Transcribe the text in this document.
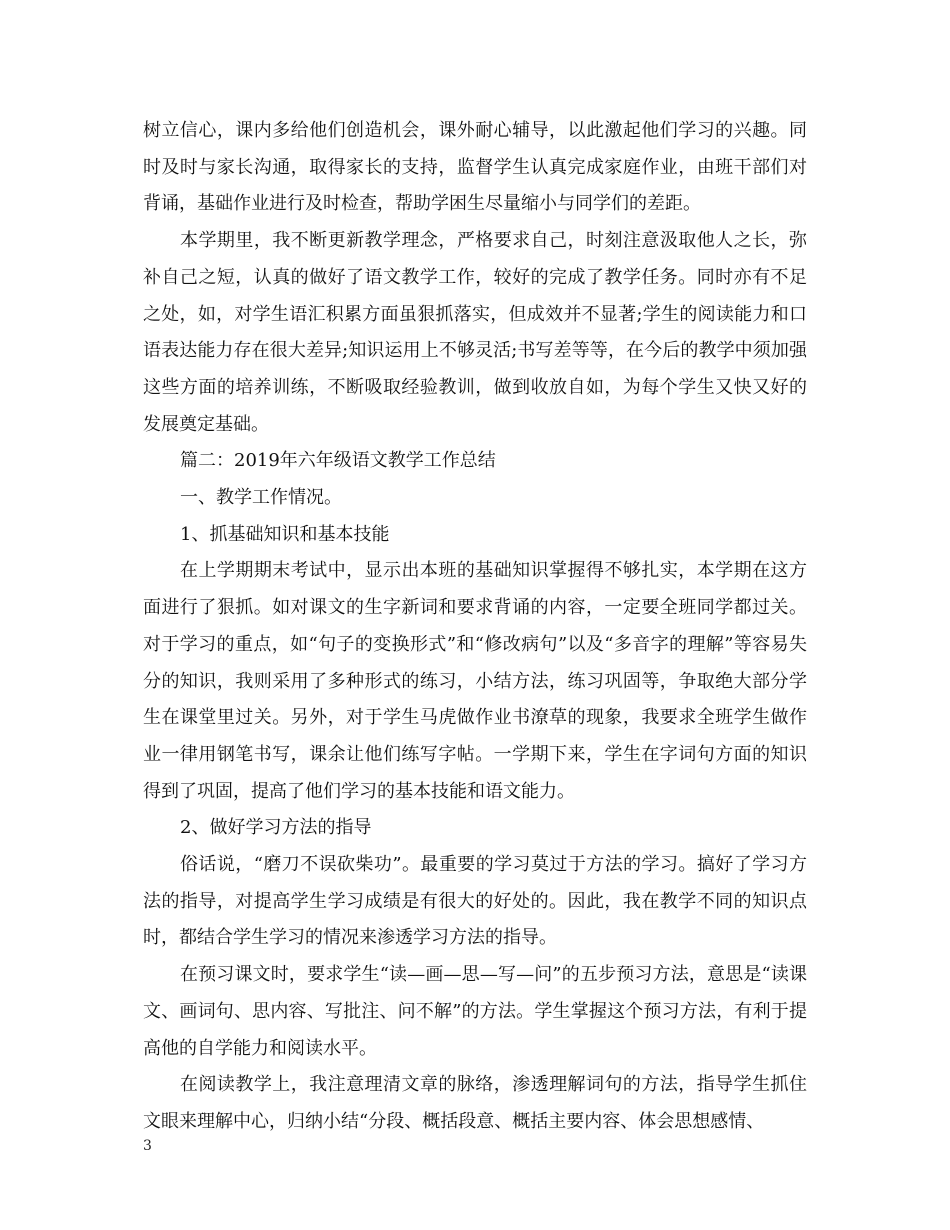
树立信心，课内多给他们创造机会，课外耐心辅导，以此激起他们学习的兴趣。同时及时与家长沟通，取得家长的支持，监督学生认真完成家庭作业，由班干部们对背诵，基础作业进行及时检查，帮助学困生尽量缩小与同学们的差距。

本学期里，我不断更新教学理念，严格要求自己，时刻注意汲取他人之长，弥补自己之短，认真的做好了语文教学工作，较好的完成了教学任务。同时亦有不足之处，如，对学生语汇积累方面虽狠抓落实，但成效并不显著;学生的阅读能力和口语表达能力存在很大差异;知识运用上不够灵活;书写差等等，在今后的教学中须加强这些方面的培养训练，不断吸取经验教训，做到收放自如，为每个学生又快又好的发展奠定基础。

篇二：2019年六年级语文教学工作总结

一、教学工作情况。

1、抓基础知识和基本技能

在上学期期末考试中，显示出本班的基础知识掌握得不够扎实，本学期在这方面进行了狠抓。如对课文的生字新词和要求背诵的内容，一定要全班同学都过关。对于学习的重点，如“句子的变换形式”和“修改病句”以及“多音字的理解”等容易失分的知识，我则采用了多种形式的练习，小结方法，练习巩固等，争取绝大部分学生在课堂里过关。另外，对于学生马虎做作业书潦草的现象，我要求全班学生做作业一律用钢笔书写，课余让他们练写字帖。一学期下来，学生在字词句方面的知识得到了巩固，提高了他们学习的基本技能和语文能力。

2、做好学习方法的指导

俗话说，“磨刀不误砍柴功”。最重要的学习莫过于方法的学习。搞好了学习方法的指导，对提高学生学习成绩是有很大的好处的。因此，我在教学不同的知识点时，都结合学生学习的情况来渗透学习方法的指导。

在预习课文时，要求学生“读—画—思—写—问”的五步预习方法，意思是“读课文、画词句、思内容、写批注、问不解”的方法。学生掌握这个预习方法，有利于提高他的自学能力和阅读水平。

在阅读教学上，我注意理清文章的脉络，渗透理解词句的方法，指导学生抓住文眼来理解中心，归纳小结“分段、概括段意、概括主要内容、体会思想感情、

3
